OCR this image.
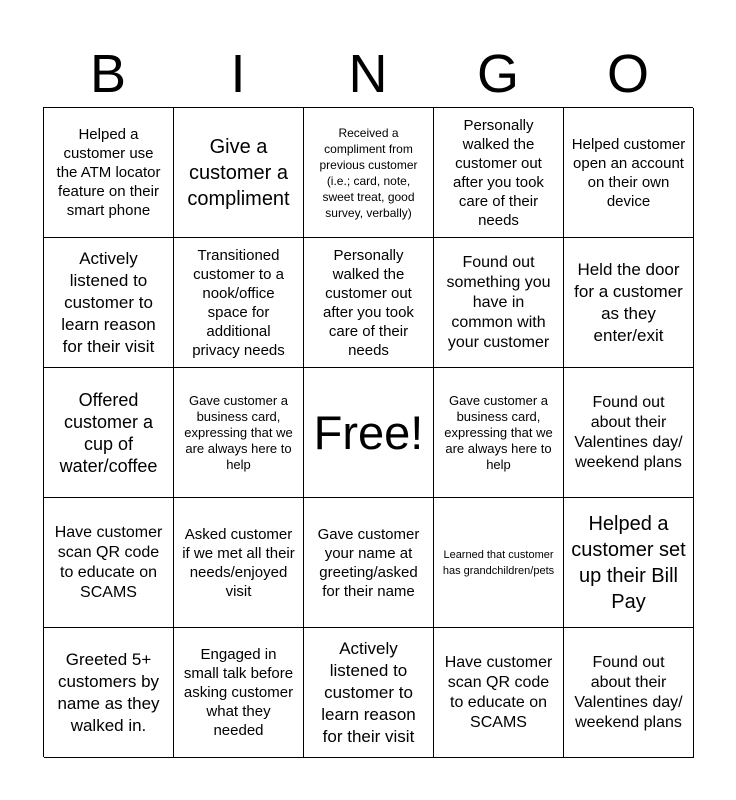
B	I	N	G	O
Helped a customer use the ATM locator feature on their smart phone
Give a customer a compliment
Received a compliment from previous customer (i.e.; card, note, sweet treat, good survey, verbally)
Personally walked the customer out after you took care of their needs
Helped customer open an account on their own device
Actively listened to customer to learn reason for their visit
Transitioned customer to a nook/office space for additional privacy needs
Personally walked the customer out after you took care of their needs
Found out something you have in common with your customer
Held the door for a customer as they enter/exit
Offered customer a cup of water/coffee
Gave customer a business card, expressing that we are always here to help
Free!
Gave customer a business card, expressing that we are always here to help
Found out about their Valentines day/ weekend plans
Have customer scan QR code to educate on SCAMS
Asked customer if we met all their needs/enjoyed visit
Gave customer your name at greeting/asked for their name
Learned that customer has grandchildren/pets
Helped a customer set up their Bill Pay
Greeted 5+ customers by name as they walked in.
Engaged in small talk before asking customer what they needed
Actively listened to customer to learn reason for their visit
Have customer scan QR code to educate on SCAMS
Found out about their Valentines day/ weekend plans
